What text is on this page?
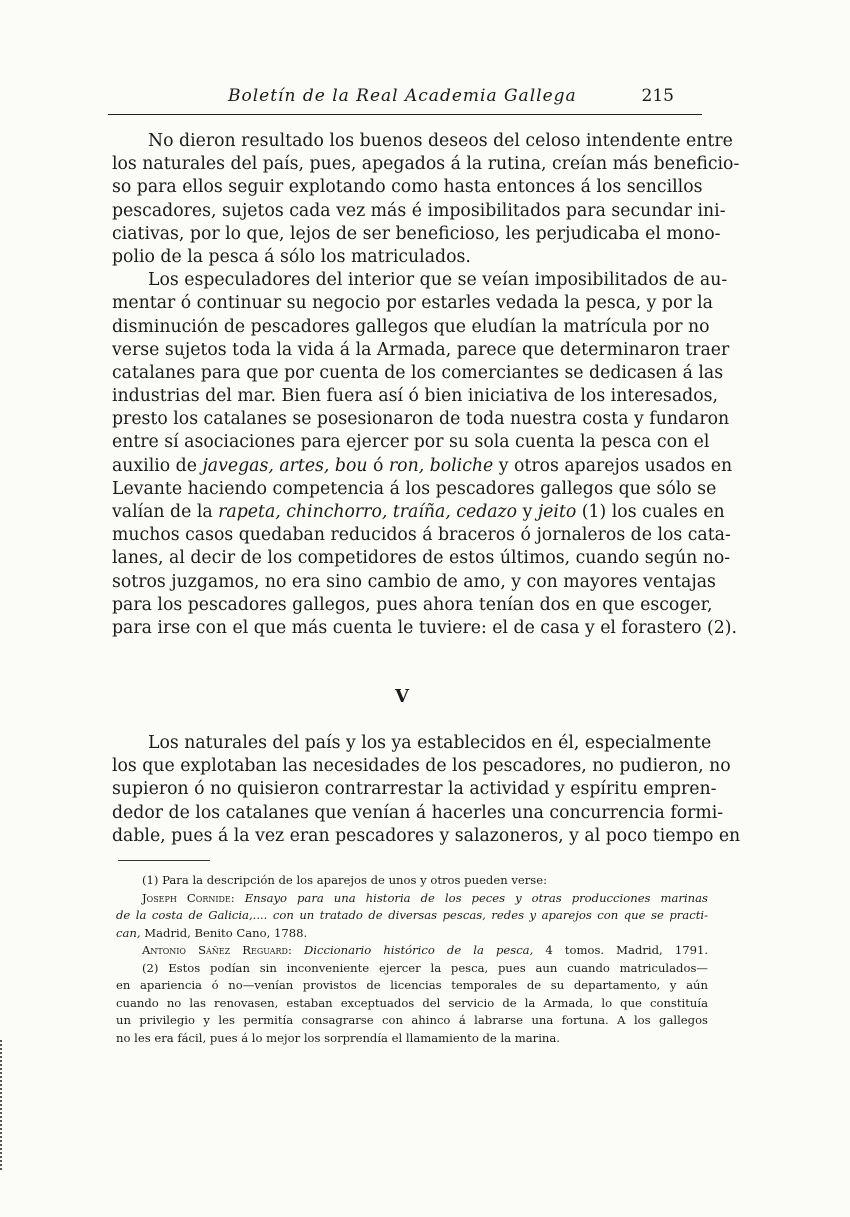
Boletín de la Real Academia Gallega	215
No dieron resultado los buenos deseos del celoso intendente entre
los naturales del país, pues, apegados á la rutina, creían más beneficio-
so para ellos seguir explotando como hasta entonces á los sencillos
pescadores, sujetos cada vez más é imposibilitados para secundar ini-
ciativas, por lo que, lejos de ser beneficioso, les perjudicaba el mono-
polio de la pesca á sólo los matriculados.
Los especuladores del interior que se veían imposibilitados de au-
mentar ó continuar su negocio por estarles vedada la pesca, y por la
disminución de pescadores gallegos que eludían la matrícula por no
verse sujetos toda la vida á la Armada, parece que determinaron traer
catalanes para que por cuenta de los comerciantes se dedicasen á las
industrias del mar. Bien fuera así ó bien iniciativa de los interesados,
presto los catalanes se posesionaron de toda nuestra costa y fundaron
entre sí asociaciones para ejercer por su sola cuenta la pesca con el
auxilio de javegas, artes, bou ó ron, boliche y otros aparejos usados en
Levante haciendo competencia á los pescadores gallegos que sólo se
valían de la rapeta, chinchorro, traíña, cedazo y jeito (1) los cuales en
muchos casos quedaban reducidos á braceros ó jornaleros de los cata-
lanes, al decir de los competidores de estos últimos, cuando según no-
sotros juzgamos, no era sino cambio de amo, y con mayores ventajas
para los pescadores gallegos, pues ahora tenían dos en que escoger,
para irse con el que más cuenta le tuviere: el de casa y el forastero (2).
V
Los naturales del país y los ya establecidos en él, especialmente
los que explotaban las necesidades de los pescadores, no pudieron, no
supieron ó no quisieron contrarrestar la actividad y espíritu empren-
dedor de los catalanes que venían á hacerles una concurrencia formi-
dable, pues á la vez eran pescadores y salazoneros, y al poco tiempo en
(1) Para la descripción de los aparejos de unos y otros pueden verse:
Joseph Cornide: Ensayo para una historia de los peces y otras producciones marinas
de la costa de Galicia,.... con un tratado de diversas pescas, redes y aparejos con que se practi-
can, Madrid, Benito Cano, 1788.
Antonio Sáñez Reguard: Diccionario histórico de la pesca, 4 tomos. Madrid, 1791.
(2) Estos podían sin inconveniente ejercer la pesca, pues aun cuando matriculados—
en apariencia ó no—venían provistos de licencias temporales de su departamento, y aún
cuando no las renovasen, estaban exceptuados del servicio de la Armada, lo que constituía
un privilegio y les permitía consagrarse con ahinco á labrarse una fortuna. A los gallegos
no les era fácil, pues á lo mejor los sorprendía el llamamiento de la marina.
